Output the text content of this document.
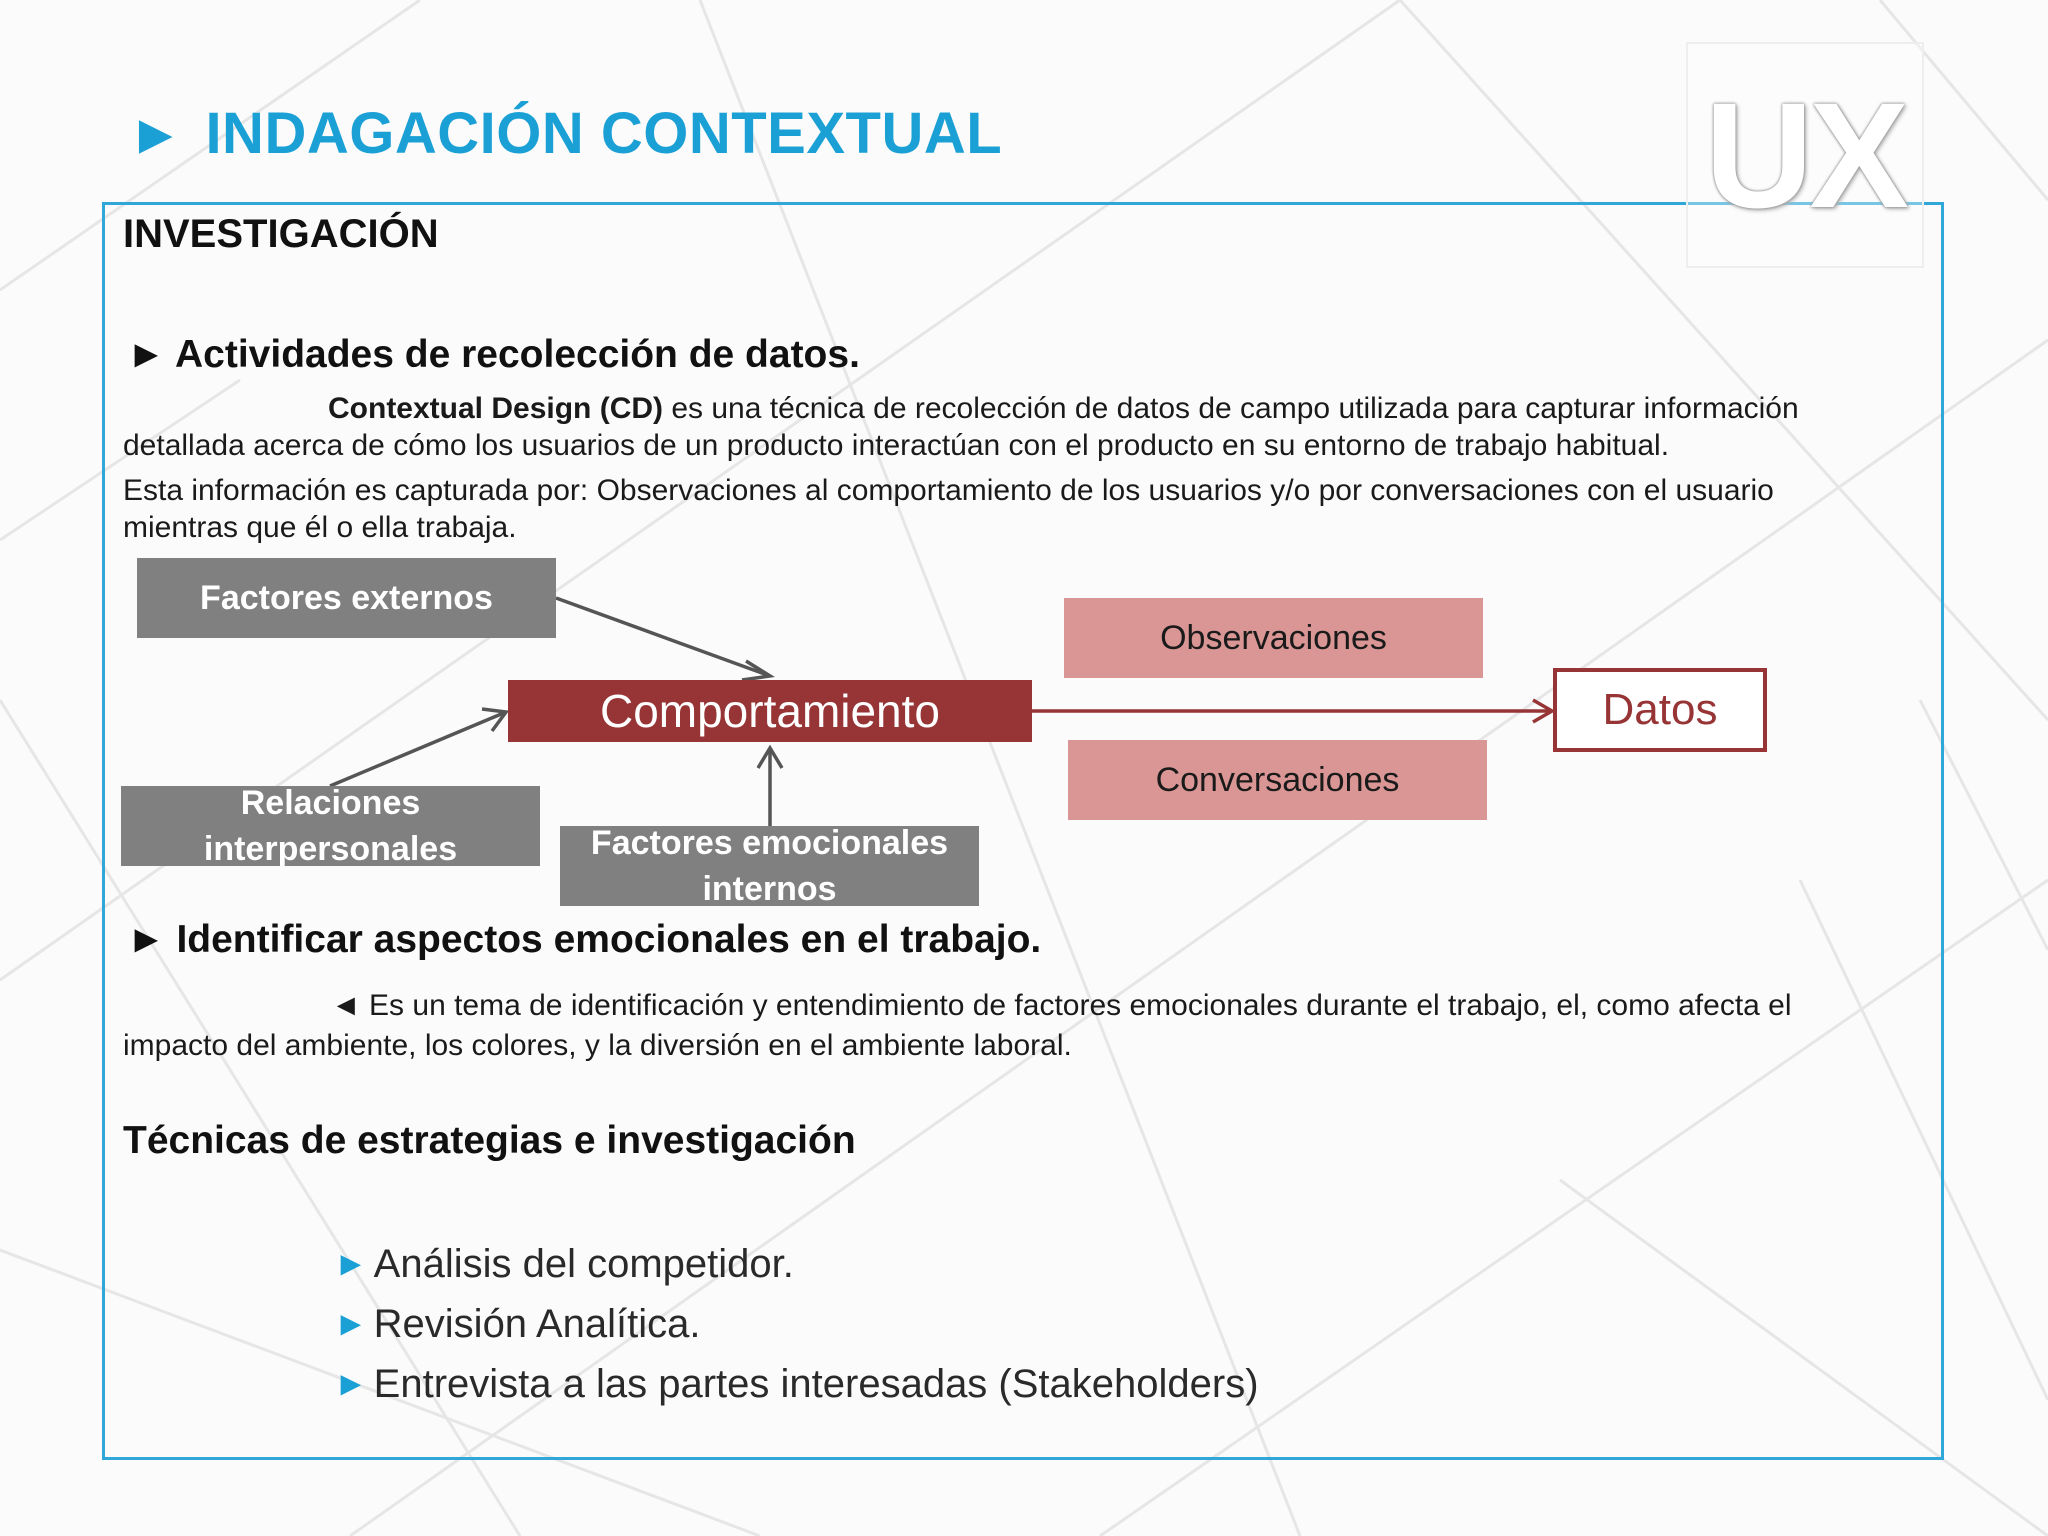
► INDAGACIÓN CONTEXTUAL	UX
INVESTIGACIÓN
► Actividades de recolección de datos.
Contextual Design (CD) es una técnica de recolección de datos de campo utilizada para capturar información
detallada acerca de cómo los usuarios de un producto interactúan con el producto en su entorno de trabajo habitual.
Esta información es capturada por: Observaciones al comportamiento de los usuarios y/o por conversaciones con el usuario
mientras que él o ella trabaja.
Factores externos
Comportamiento
Relaciones
interpersonales	Factores emocionales
internos
Observaciones
Conversaciones
Datos
► Identificar aspectos emocionales en el trabajo.
◄ Es un tema de identificación y entendimiento de factores emocionales durante el trabajo, el, como afecta el
impacto del ambiente, los colores, y la diversión en el ambiente laboral.
Técnicas de estrategias e investigación
► Análisis del competidor.
► Revisión Analítica.
► Entrevista a las partes interesadas (Stakeholders)
